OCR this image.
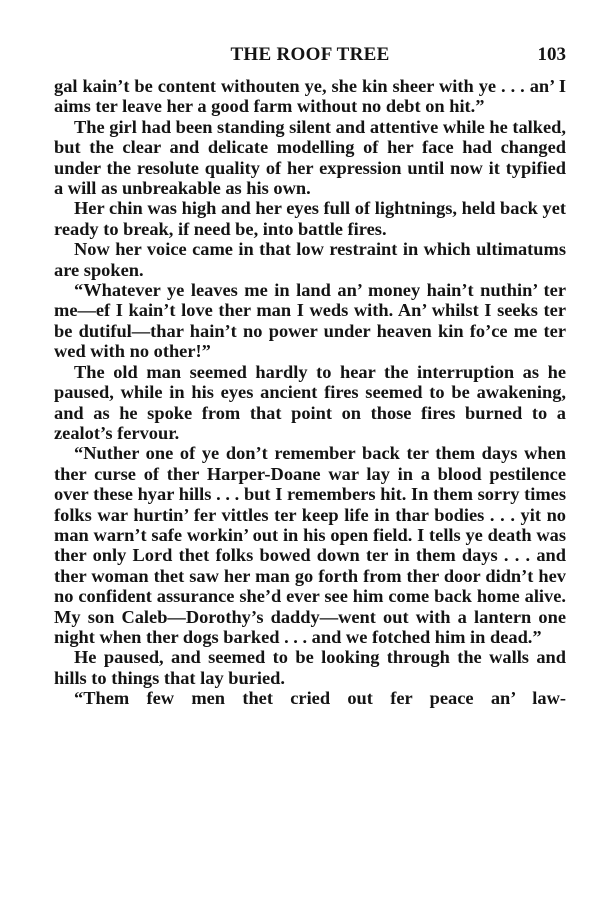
THE ROOF TREE	103

gal kain’t be content withouten ye, she kin sheer with ye . . . an’ I aims ter leave her a good farm without no debt on hit.”

The girl had been standing silent and attentive while he talked, but the clear and delicate modelling of her face had changed under the resolute quality of her expression until now it typified a will as unbreakable as his own.

Her chin was high and her eyes full of lightnings, held back yet ready to break, if need be, into battle fires.

Now her voice came in that low restraint in which ultimatums are spoken.

“Whatever ye leaves me in land an’ money hain’t nuthin’ ter me—ef I kain’t love ther man I weds with. An’ whilst I seeks ter be dutiful—thar hain’t no power under heaven kin fo’ce me ter wed with no other!”

The old man seemed hardly to hear the interruption as he paused, while in his eyes ancient fires seemed to be awakening, and as he spoke from that point on those fires burned to a zealot’s fervour.

“Nuther one of ye don’t remember back ter them days when ther curse of ther Harper-Doane war lay in a blood pestilence over these hyar hills . . . but I remembers hit. In them sorry times folks war hurtin’ fer vittles ter keep life in thar bodies . . . yit no man warn’t safe workin’ out in his open field. I tells ye death was ther only Lord thet folks bowed down ter in them days . . . and ther woman thet saw her man go forth from ther door didn’t hev no confident assurance she’d ever see him come back home alive. My son Caleb—Dorothy’s daddy—went out with a lantern one night when ther dogs barked . . . and we fotched him in dead.”

He paused, and seemed to be looking through the walls and hills to things that lay buried.

“Them few men thet cried out fer peace an’ law-
